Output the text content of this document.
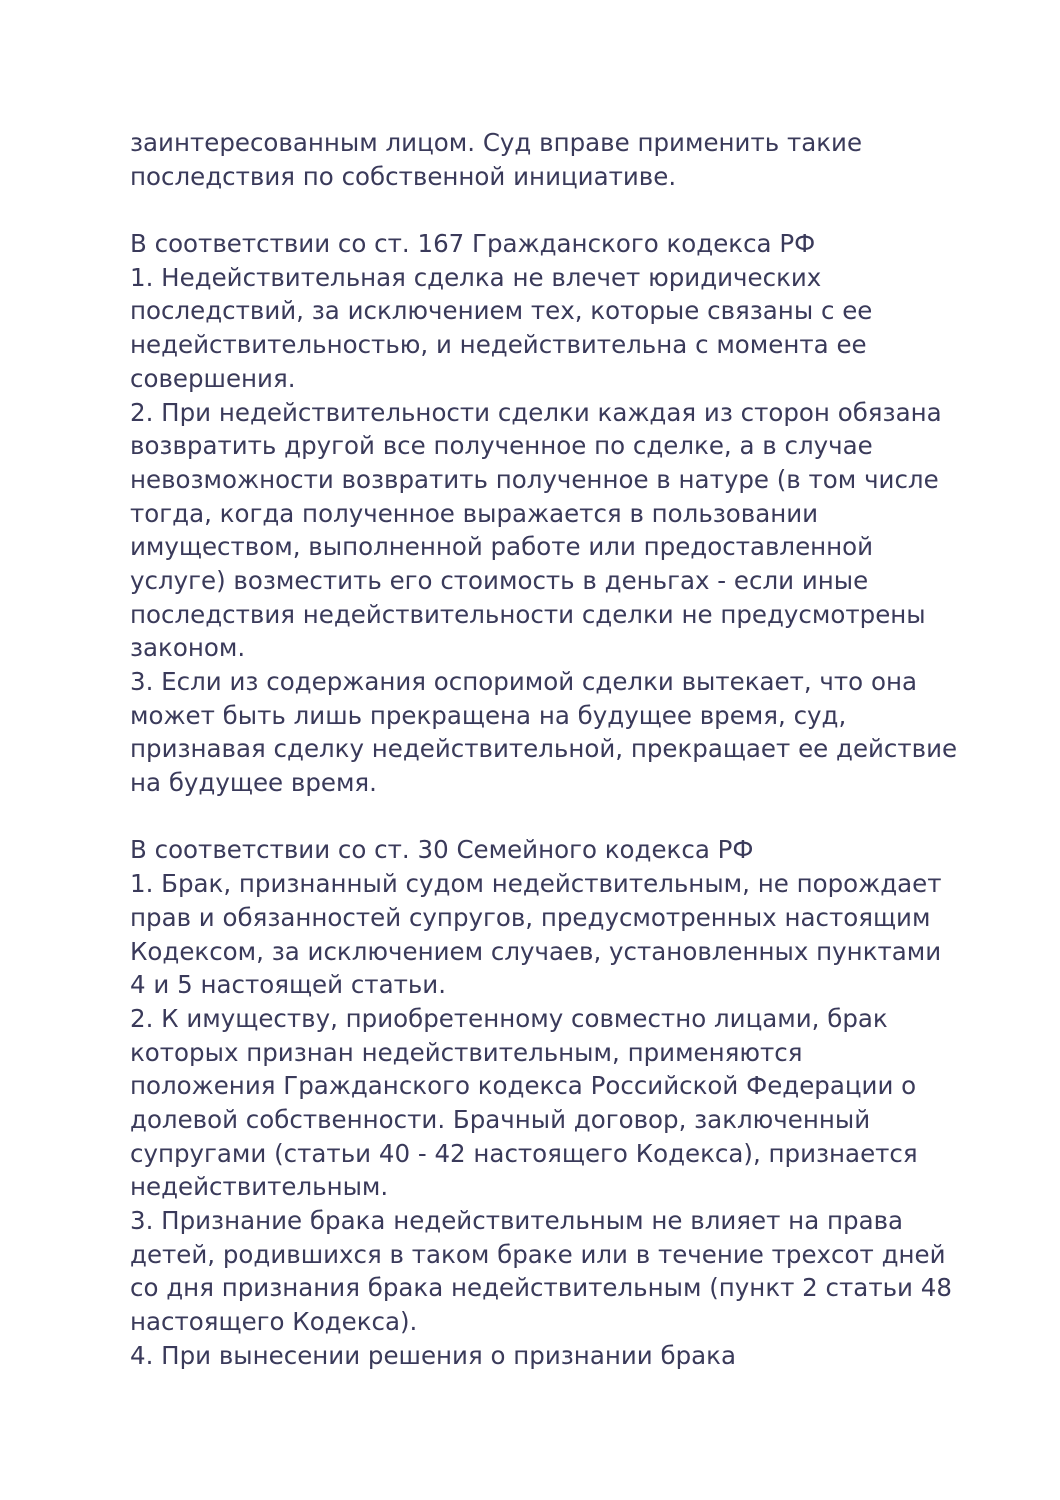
заинтересованным лицом. Суд вправе применить такие
последствия по собственной инициативе.
В соответствии со ст. 167 Гражданского кодекса РФ
1. Недействительная сделка не влечет юридических
последствий, за исключением тех, которые связаны с ее
недействительностью, и недействительна с момента ее
совершения.
2. При недействительности сделки каждая из сторон обязана
возвратить другой все полученное по сделке, а в случае
невозможности возвратить полученное в натуре (в том числе
тогда, когда полученное выражается в пользовании
имуществом, выполненной работе или предоставленной
услуге) возместить его стоимость в деньгах - если иные
последствия недействительности сделки не предусмотрены
законом.
3. Если из содержания оспоримой сделки вытекает, что она
может быть лишь прекращена на будущее время, суд,
признавая сделку недействительной, прекращает ее действие
на будущее время.
В соответствии со ст. 30 Семейного кодекса РФ
1. Брак, признанный судом недействительным, не порождает
прав и обязанностей супругов, предусмотренных настоящим
Кодексом, за исключением случаев, установленных пунктами
4 и 5 настоящей статьи.
2. К имуществу, приобретенному совместно лицами, брак
которых признан недействительным, применяются
положения Гражданского кодекса Российской Федерации о
долевой собственности. Брачный договор, заключенный
супругами (статьи 40 - 42 настоящего Кодекса), признается
недействительным.
3. Признание брака недействительным не влияет на права
детей, родившихся в таком браке или в течение трехсот дней
со дня признания брака недействительным (пункт 2 статьи 48
настоящего Кодекса).
4. При вынесении решения о признании брака
